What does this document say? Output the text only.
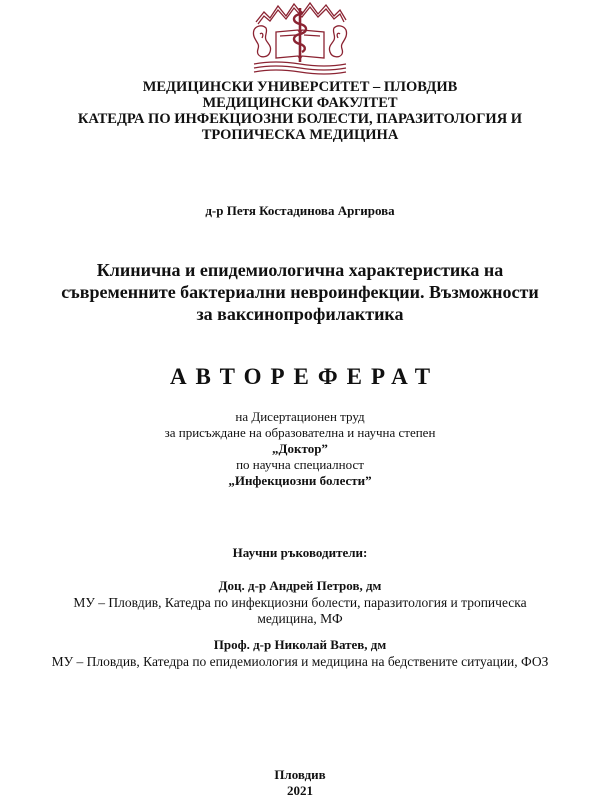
МЕДИЦИНСКИ УНИВЕРСИТЕТ – ПЛОВДИВ
МЕДИЦИНСКИ ФАКУЛТЕТ
КАТЕДРА ПО ИНФЕКЦИОЗНИ БОЛЕСТИ, ПАРАЗИТОЛОГИЯ И
ТРОПИЧЕСКА МЕДИЦИНА
д-р Петя Костадинова Аргирова
Клинична и епидемиологична характеристика на
съвременните бактериални невроинфекции. Възможности
за ваксинопрофилактика
АВТОРЕФЕРАТ
на Дисертационен труд
за присъждане на образователна и научна степен
„Доктор”
по научна специалност
„Инфекциозни болести”
Научни ръководители:
Доц. д-р Андрей Петров, дм
МУ – Пловдив, Катедра по инфекциозни болести, паразитология и тропическа
медицина, МФ
Проф. д-р Николай Ватев, дм
МУ – Пловдив, Катедра по епидемиология и медицина на бедствените ситуации, ФОЗ
Пловдив
2021
